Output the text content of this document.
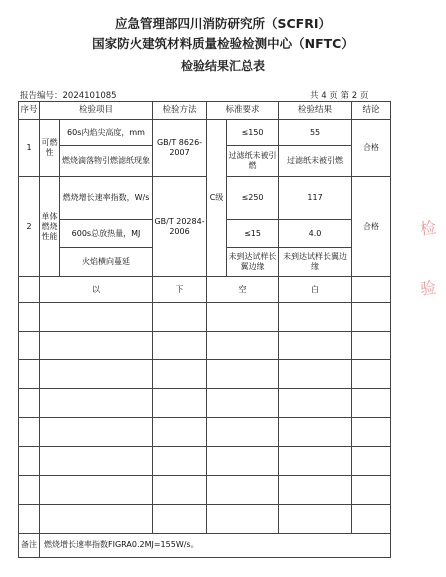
应急管理部四川消防研究所（SCFRI）
国家防火建筑材料质量检验检测中心（NFTC）
检验结果汇总表
报告编号：2024101085	共 4 页 第 2 页
序号	检验项目		检验方法	标准要求		检验结果	结论
1	可燃性	60s内焰尖高度，mm	GB/T 8626-2007	C级	≤150	55	合格
		燃烧滴落物引燃滤纸现象			过滤纸未被引燃	过滤纸未被引燃	
2	单体燃烧性能	燃烧增长速率指数，W/s	GB/T 20284-2006		≤250	117	合格
		600s总放热量，MJ			≤15	4.0	
		火焰横向蔓延			未到达试样长翼边缘	未到达试样长翼边缘	
	以		下	空		白	

备注	燃烧增长速率指数FIGRA0.2MJ=155W/s。						
检
验
